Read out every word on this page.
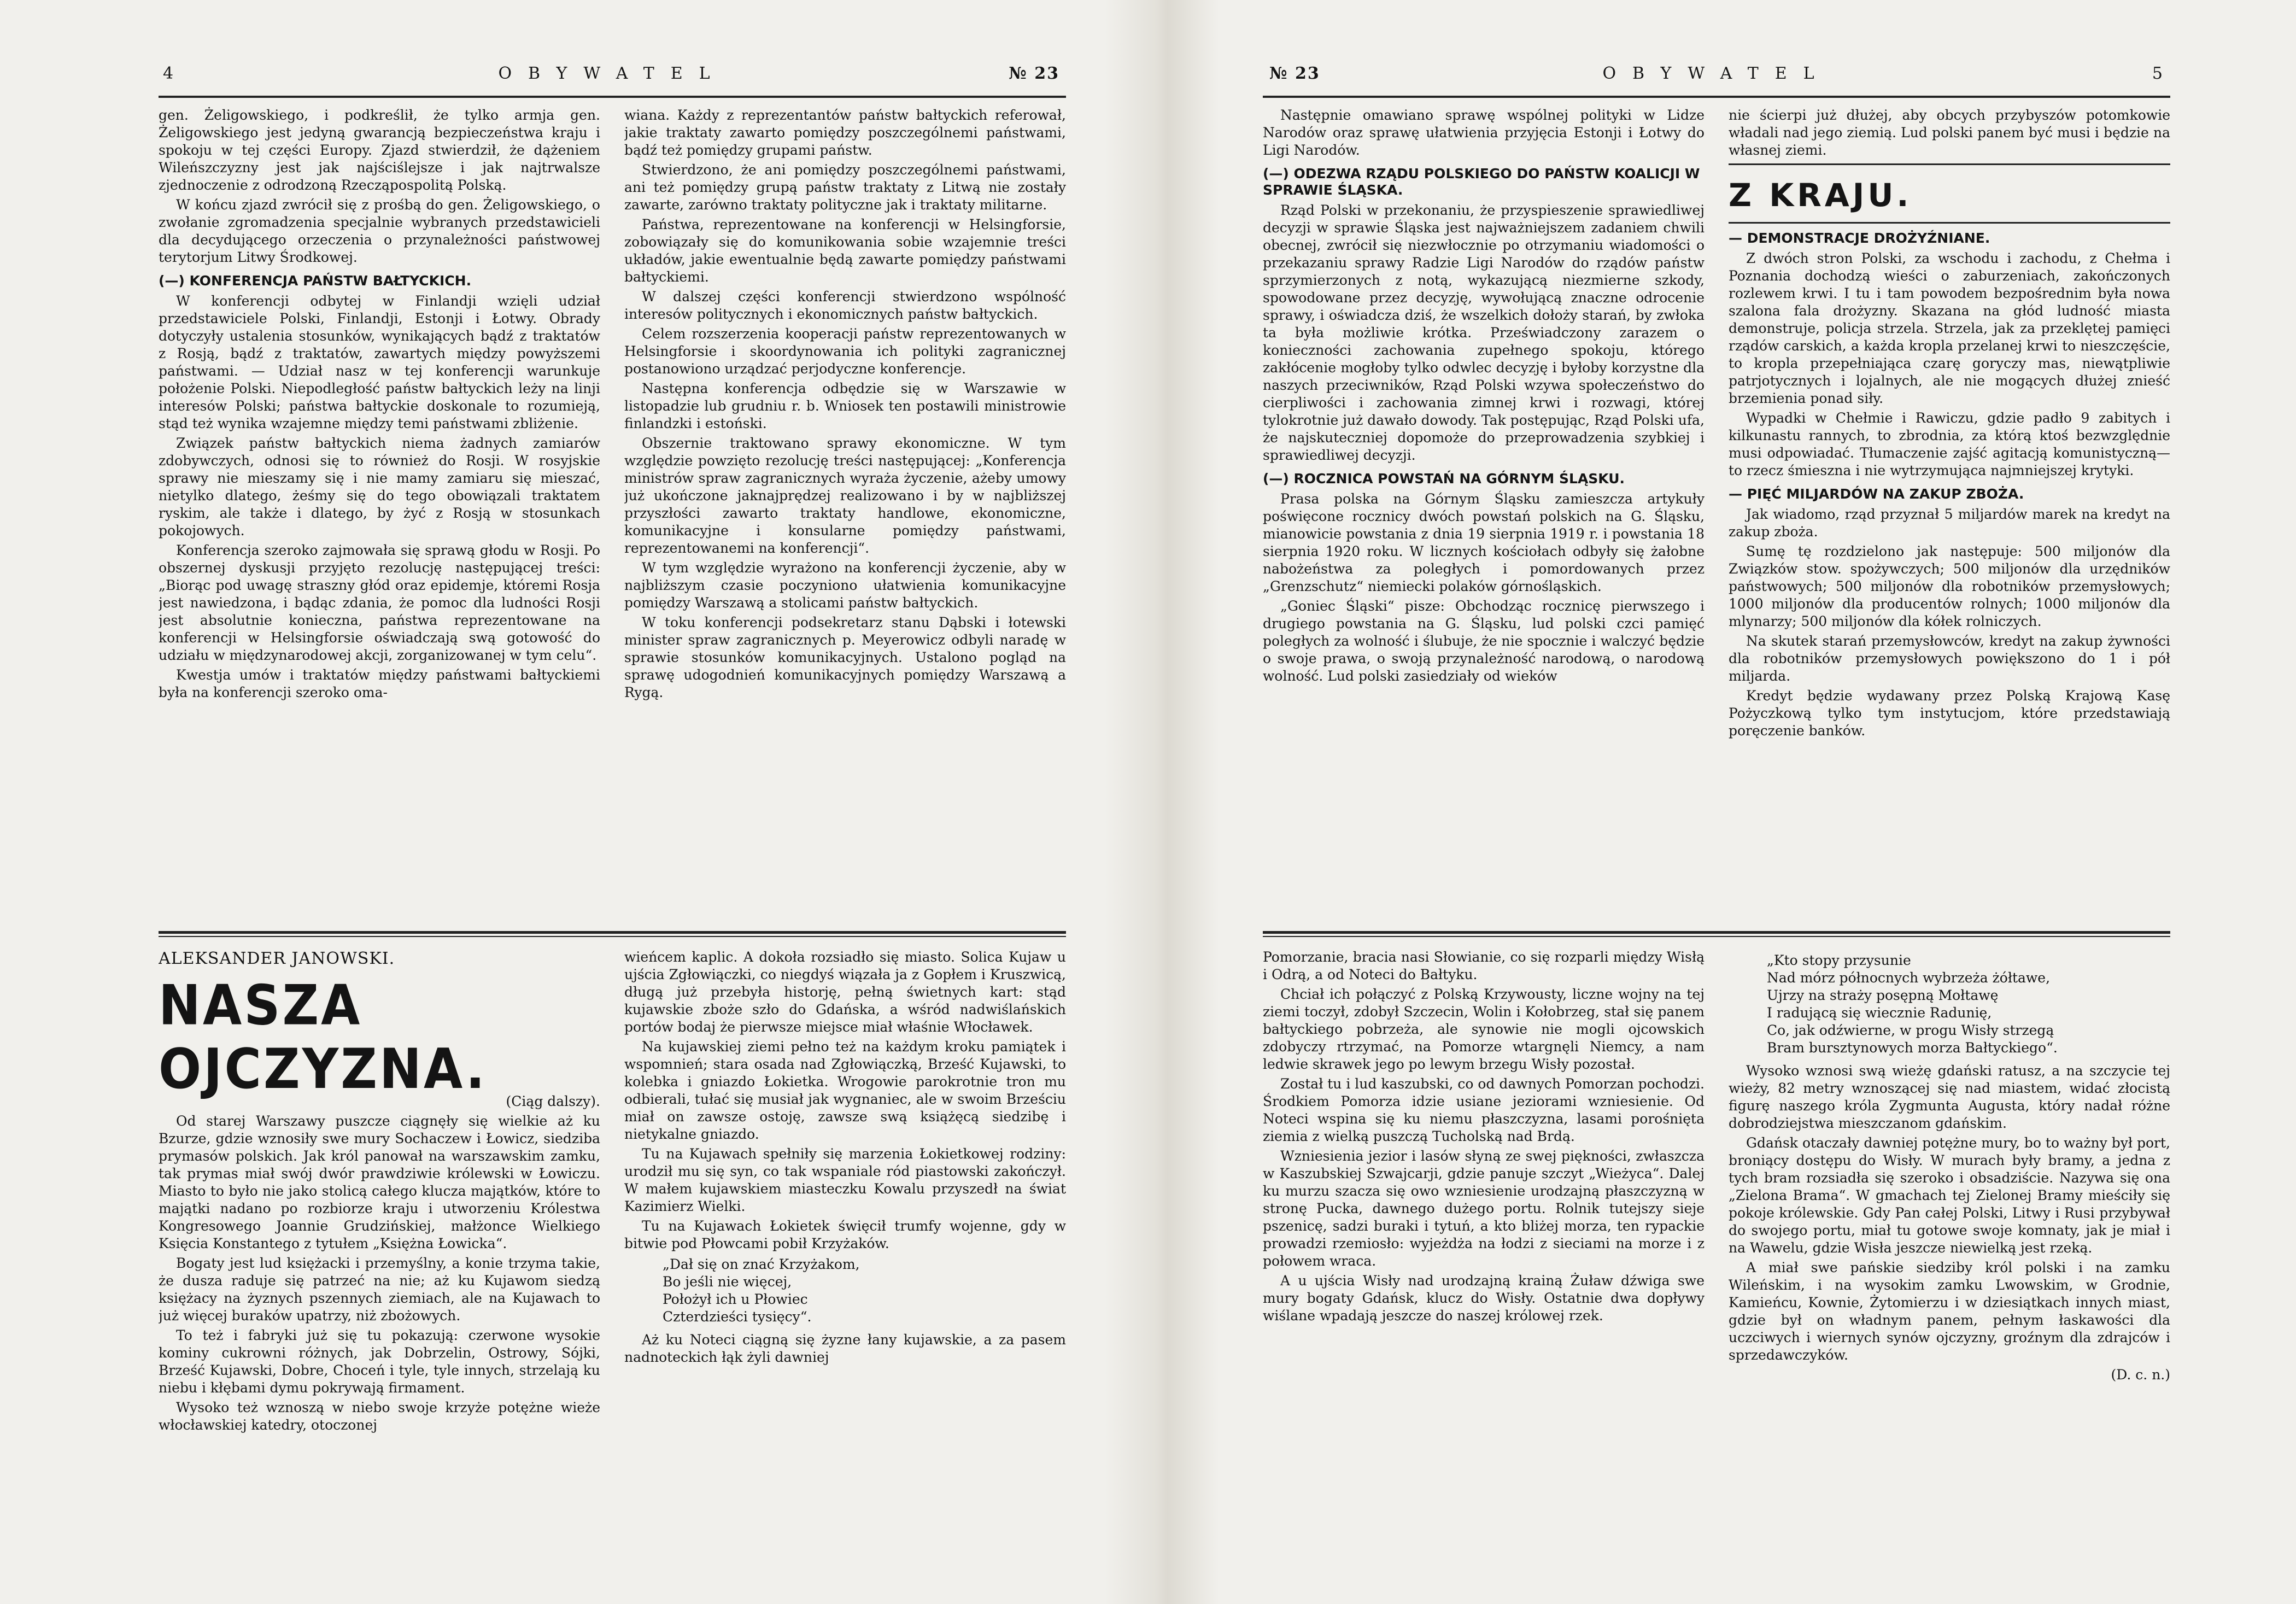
4	OBYWATEL	№ 23

gen. Żeligowskiego, i podkreślił, że tylko armja gen. Żeligowskiego jest jedyną gwarancją bezpieczeństwa kraju i spokoju w tej części Europy. Zjazd stwierdził, że dążeniem Wileńszczyzny jest jak najściślejsze i jak najtrwalsze zjednoczenie z odrodzoną Rzecząpospolitą Polską.

W końcu zjazd zwrócił się z prośbą do gen. Żeligowskiego, o zwołanie zgromadzenia specjalnie wybranych przedstawicieli dla decydującego orzeczenia o przynależności państwowej terytorjum Litwy Środkowej.

(—) KONFERENCJA PAŃSTW BAŁTYCKICH.

W konferencji odbytej w Finlandji wzięli udział przedstawiciele Polski, Finlandji, Estonji i Łotwy. Obrady dotyczyły ustalenia stosunków, wynikających bądź z traktatów z Rosją, bądź z traktatów, zawartych między powyższemi państwami. — Udział nasz w tej konferencji warunkuje położenie Polski. Niepodległość państw bałtyckich leży na linji interesów Polski; państwa bałtyckie doskonale to rozumieją, stąd też wynika wzajemne między temi państwami zbliżenie.

Związek państw bałtyckich niema żadnych zamiarów zdobywczych, odnosi się to również do Rosji. W rosyjskie sprawy nie mieszamy się i nie mamy zamiaru się mieszać, nietylko dlatego, żeśmy się do tego obowiązali traktatem ryskim, ale także i dlatego, by żyć z Rosją w stosunkach pokojowych.

Konferencja szeroko zajmowała się sprawą głodu w Rosji. Po obszernej dyskusji przyjęto rezolucję następującej treści: „Biorąc pod uwagę straszny głód oraz epidemje, któremi Rosja jest nawiedzona, i bądąc zdania, że pomoc dla ludności Rosji jest absolutnie konieczna, państwa reprezentowane na konferencji w Helsingforsie oświadczają swą gotowość do udziału w międzynarodowej akcji, zorganizowanej w tym celu“.

Kwestja umów i traktatów między państwami bałtyckiemi była na konferencji szeroko oma-

wiana. Każdy z reprezentantów państw bałtyckich referował, jakie traktaty zawarto pomiędzy poszczególnemi państwami, bądź też pomiędzy grupami państw.

Stwierdzono, że ani pomiędzy poszczególnemi państwami, ani też pomiędzy grupą państw traktaty z Litwą nie zostały zawarte, zarówno traktaty polityczne jak i traktaty militarne.

Państwa, reprezentowane na konferencji w Helsingforsie, zobowiązały się do komunikowania sobie wzajemnie treści układów, jakie ewentualnie będą zawarte pomiędzy państwami bałtyckiemi.

W dalszej części konferencji stwierdzono wspólność interesów politycznych i ekonomicznych państw bałtyckich.

Celem rozszerzenia kooperacji państw reprezentowanych w Helsingforsie i skoordynowania ich polityki zagranicznej postanowiono urządzać perjodyczne konferencje.

Następna konferencja odbędzie się w Warszawie w listopadzie lub grudniu r. b. Wniosek ten postawili ministrowie finlandzki i estoński.

Obszernie traktowano sprawy ekonomiczne. W tym względzie powzięto rezolucję treści następującej: „Konferencja ministrów spraw zagranicznych wyraża życzenie, ażeby umowy już ukończone jaknajprędzej realizowano i by w najbliższej przyszłości zawarto traktaty handlowe, ekonomiczne, komunikacyjne i konsularne pomiędzy państwami, reprezentowanemi na konferencji“.

W tym względzie wyrażono na konferencji życzenie, aby w najbliższym czasie poczyniono ułatwienia komunikacyjne pomiędzy Warszawą a stolicami państw bałtyckich.

W toku konferencji podsekretarz stanu Dąbski i łotewski minister spraw zagranicznych p. Meyerowicz odbyli naradę w sprawie stosunków komunikacyjnych. Ustalono pogląd na sprawę udogodnień komunikacyjnych pomiędzy Warszawą a Rygą.

ALEKSANDER JANOWSKI.
NASZA OJCZYZNA.
(Ciąg dalszy).

Od starej Warszawy puszcze ciągnęły się wielkie aż ku Bzurze, gdzie wznosiły swe mury Sochaczew i Łowicz, siedziba prymasów polskich. Jak król panował na warszawskim zamku, tak prymas miał swój dwór prawdziwie królewski w Łowiczu. Miasto to było nie jako stolicą całego klucza majątków, które to majątki nadano po rozbiorze kraju i utworzeniu Królestwa Kongresowego Joannie Grudzińskiej, małżonce Wielkiego Księcia Konstantego z tytułem „Księżna Łowicka“.

Bogaty jest lud księżacki i przemyślny, a konie trzyma takie, że dusza raduje się patrzeć na nie; aż ku Kujawom siedzą księżacy na żyznych pszennych ziemiach, ale na Kujawach to już więcej buraków upatrzy, niż zbożowych.

To też i fabryki już się tu pokazują: czerwone wysokie kominy cukrowni różnych, jak Dobrzelin, Ostrowy, Sójki, Brześć Kujawski, Dobre, Choceń i tyle, tyle innych, strzelają ku niebu i kłębami dymu pokrywają firmament.

Wysoko też wznoszą w niebo swoje krzyże potężne wieże włocławskiej katedry, otoczonej

wieńcem kaplic. A dokoła rozsiadło się miasto. Solica Kujaw u ujścia Zgłowiączki, co niegdyś wiązała ja z Gopłem i Kruszwicą, długą już przebyła historję, pełną świetnych kart: stąd kujawskie zboże szło do Gdańska, a wśród nadwiślańskich portów bodaj że pierwsze miejsce miał właśnie Włocławek.

Na kujawskiej ziemi pełno też na każdym kroku pamiątek i wspomnień; stara osada nad Zgłowiączką, Brześć Kujawski, to kolebka i gniazdo Łokietka. Wrogowie parokrotnie tron mu odbierali, tułać się musiał jak wygnaniec, ale w swoim Brześciu miał on zawsze ostoję, zawsze swą książęcą siedzibę i nietykalne gniazdo.

Tu na Kujawach spełniły się marzenia Łokietkowej rodziny: urodził mu się syn, co tak wspaniale ród piastowski zakończył. W małem kujawskiem miasteczku Kowalu przyszedł na świat Kazimierz Wielki.

Tu na Kujawach Łokietek święcił trumfy wojenne, gdy w bitwie pod Płowcami pobił Krzyżaków.

„Dał się on znać Krzyżakom,
Bo jeśli nie więcej,
Położył ich u Płowiec
Czterdzieści tysięcy“.

Aż ku Noteci ciągną się żyzne łany kujawskie, a za pasem nadnoteckich łąk żyli dawniej

№ 23	OBYWATEL	5

Następnie omawiano sprawę wspólnej polityki w Lidze Narodów oraz sprawę ułatwienia przyjęcia Estonji i Łotwy do Ligi Narodów.

(—) ODEZWA RZĄDU POLSKIEGO DO PAŃSTW KOALICJI W SPRAWIE ŚLĄSKA.

Rząd Polski w przekonaniu, że przyspieszenie sprawiedliwej decyzji w sprawie Śląska jest najważniejszem zadaniem chwili obecnej, zwrócił się niezwłocznie po otrzymaniu wiadomości o przekazaniu sprawy Radzie Ligi Narodów do rządów państw sprzymierzonych z notą, wykazującą niezmierne szkody, spowodowane przez decyzję, wywołującą znaczne odrocenie sprawy, i oświadcza dziś, że wszelkich dołoży starań, by zwłoka ta była możliwie krótka. Przeświadczony zarazem o konieczności zachowania zupełnego spokoju, którego zakłócenie mogłoby tylko odwlec decyzję i byłoby korzystne dla naszych przeciwników, Rząd Polski wzywa społeczeństwo do cierpliwości i zachowania zimnej krwi i rozwagi, której tylokrotnie już dawało dowody. Tak postępując, Rząd Polski ufa, że najskuteczniej dopomoże do przeprowadzenia szybkiej i sprawiedliwej decyzji.

(—) ROCZNICA POWSTAŃ NA GÓRNYM ŚLĄSKU.

Prasa polska na Górnym Śląsku zamieszcza artykuły poświęcone rocznicy dwóch powstań polskich na G. Śląsku, mianowicie powstania z dnia 19 sierpnia 1919 r. i powstania 18 sierpnia 1920 roku. W licznych kościołach odbyły się żałobne nabożeństwa za poległych i pomordowanych przez „Grenzschutz“ niemiecki polaków górnośląskich.

„Goniec Śląski“ pisze: Obchodząc rocznicę pierwszego i drugiego powstania na G. Śląsku, lud polski czci pamięć poległych za wolność i ślubuje, że nie spocznie i walczyć będzie o swoje prawa, o swoją przynależność narodową, o narodową wolność. Lud polski zasiedziały od wieków

nie ścierpi już dłużej, aby obcych przybyszów potomkowie władali nad jego ziemią. Lud polski panem być musi i będzie na własnej ziemi.

Z KRAJU.
— DEMONSTRACJE DROŻYŹNIANE.

Z dwóch stron Polski, za wschodu i zachodu, z Chełma i Poznania dochodzą wieści o zaburzeniach, zakończonych rozlewem krwi. I tu i tam powodem bezpośrednim była nowa szalona fala drożyzny. Skazana na głód ludność miasta demonstruje, policja strzela. Strzela, jak za przeklętej pamięci rządów carskich, a każda kropla przelanej krwi to nieszczęście, to kropla przepełniająca czarę goryczy mas, niewątpliwie patrjotycznych i lojalnych, ale nie mogących dłużej znieść brzemienia ponad siły.

Wypadki w Chełmie i Rawiczu, gdzie padło 9 zabitych i kilkunastu rannych, to zbrodnia, za którą ktoś bezwzględnie musi odpowiadać. Tłumaczenie zajść agitacją komunistyczną—to rzecz śmieszna i nie wytrzymująca najmniejszej krytyki.

— PIĘĆ MILJARDÓW NA ZAKUP ZBOŻA.

Jak wiadomo, rząd przyznał 5 miljardów marek na kredyt na zakup zboża.

Sumę tę rozdzielono jak następuje: 500 miljonów dla Związków stow. spożywczych; 500 miljonów dla urzędników państwowych; 500 miljonów dla robotników przemysłowych; 1000 miljonów dla producentów rolnych; 1000 miljonów dla mlynarzy; 500 miljonów dla kółek rolniczych.

Na skutek starań przemysłowców, kredyt na zakup żywności dla robotników przemysłowych powiększono do 1 i pół miljarda.

Kredyt będzie wydawany przez Polską Krajową Kasę Pożyczkową tylko tym instytucjom, które przedstawiają poręczenie banków.

Pomorzanie, bracia nasi Słowianie, co się rozparli między Wisłą i Odrą, a od Noteci do Bałtyku.

Chciał ich połączyć z Polską Krzywousty, liczne wojny na tej ziemi toczył, zdobył Szczecin, Wolin i Kołobrzeg, stał się panem bałtyckiego pobrzeża, ale synowie nie mogli ojcowskich zdobyczy rtrzymać, na Pomorze wtargnęli Niemcy, a nam ledwie skrawek jego po lewym brzegu Wisły pozostał.

Został tu i lud kaszubski, co od dawnych Pomorzan pochodzi. Środkiem Pomorza idzie usiane jeziorami wzniesienie. Od Noteci wspina się ku niemu płaszczyzna, lasami porośnięta ziemia z wielką puszczą Tucholską nad Brdą.

Wzniesienia jezior i lasów słyną ze swej piękności, zwłaszcza w Kaszubskiej Szwajcarji, gdzie panuje szczyt „Wieżyca“. Dalej ku murzu szacza się owo wzniesienie urodzajną płaszczyzną w stronę Pucka, dawnego dużego portu. Rolnik tutejszy sieje pszenicę, sadzi buraki i tytuń, a kto bliżej morza, ten rypackie prowadzi rzemiosło: wyjeżdża na łodzi z sieciami na morze i z połowem wraca.

A u ujścia Wisły nad urodzajną krainą Żuław dźwiga swe mury bogaty Gdańsk, klucz do Wisły. Ostatnie dwa dopływy wiślane wpadają jeszcze do naszej królowej rzek.

„Kto stopy przysunie
Nad mórz północnych wybrzeża żółtawe,
Ujrzy na straży posępną Mołtawę
I radującą się wiecznie Radunię,
Co, jak odźwierne, w progu Wisły strzegą
Bram bursztynowych morza Bałtyckiego“.

Wysoko wznosi swą wieżę gdański ratusz, a na szczycie tej wieży, 82 metry wznoszącej się nad miastem, widać złocistą figurę naszego króla Zygmunta Augusta, który nadał różne dobrodziejstwa mieszczanom gdańskim.

Gdańsk otaczały dawniej potężne mury, bo to ważny był port, broniący dostępu do Wisły. W murach były bramy, a jedna z tych bram rozsiadła się szeroko i obsadziście. Nazywa się ona „Zielona Brama“. W gmachach tej Zielonej Bramy mieściły się pokoje królewskie. Gdy Pan całej Polski, Litwy i Rusi przybywał do swojego portu, miał tu gotowe swoje komnaty, jak je miał i na Wawelu, gdzie Wisła jeszcze niewielką jest rzeką.

A miał swe pańskie siedziby król polski i na zamku Wileńskim, i na wysokim zamku Lwowskim, w Grodnie, Kamieńcu, Kownie, Żytomierzu i w dziesiątkach innych miast, gdzie był on władnym panem, pełnym łaskawości dla uczciwych i wiernych synów ojczyzny, groźnym dla zdrajców i sprzedawczyków.

(D. c. n.)
